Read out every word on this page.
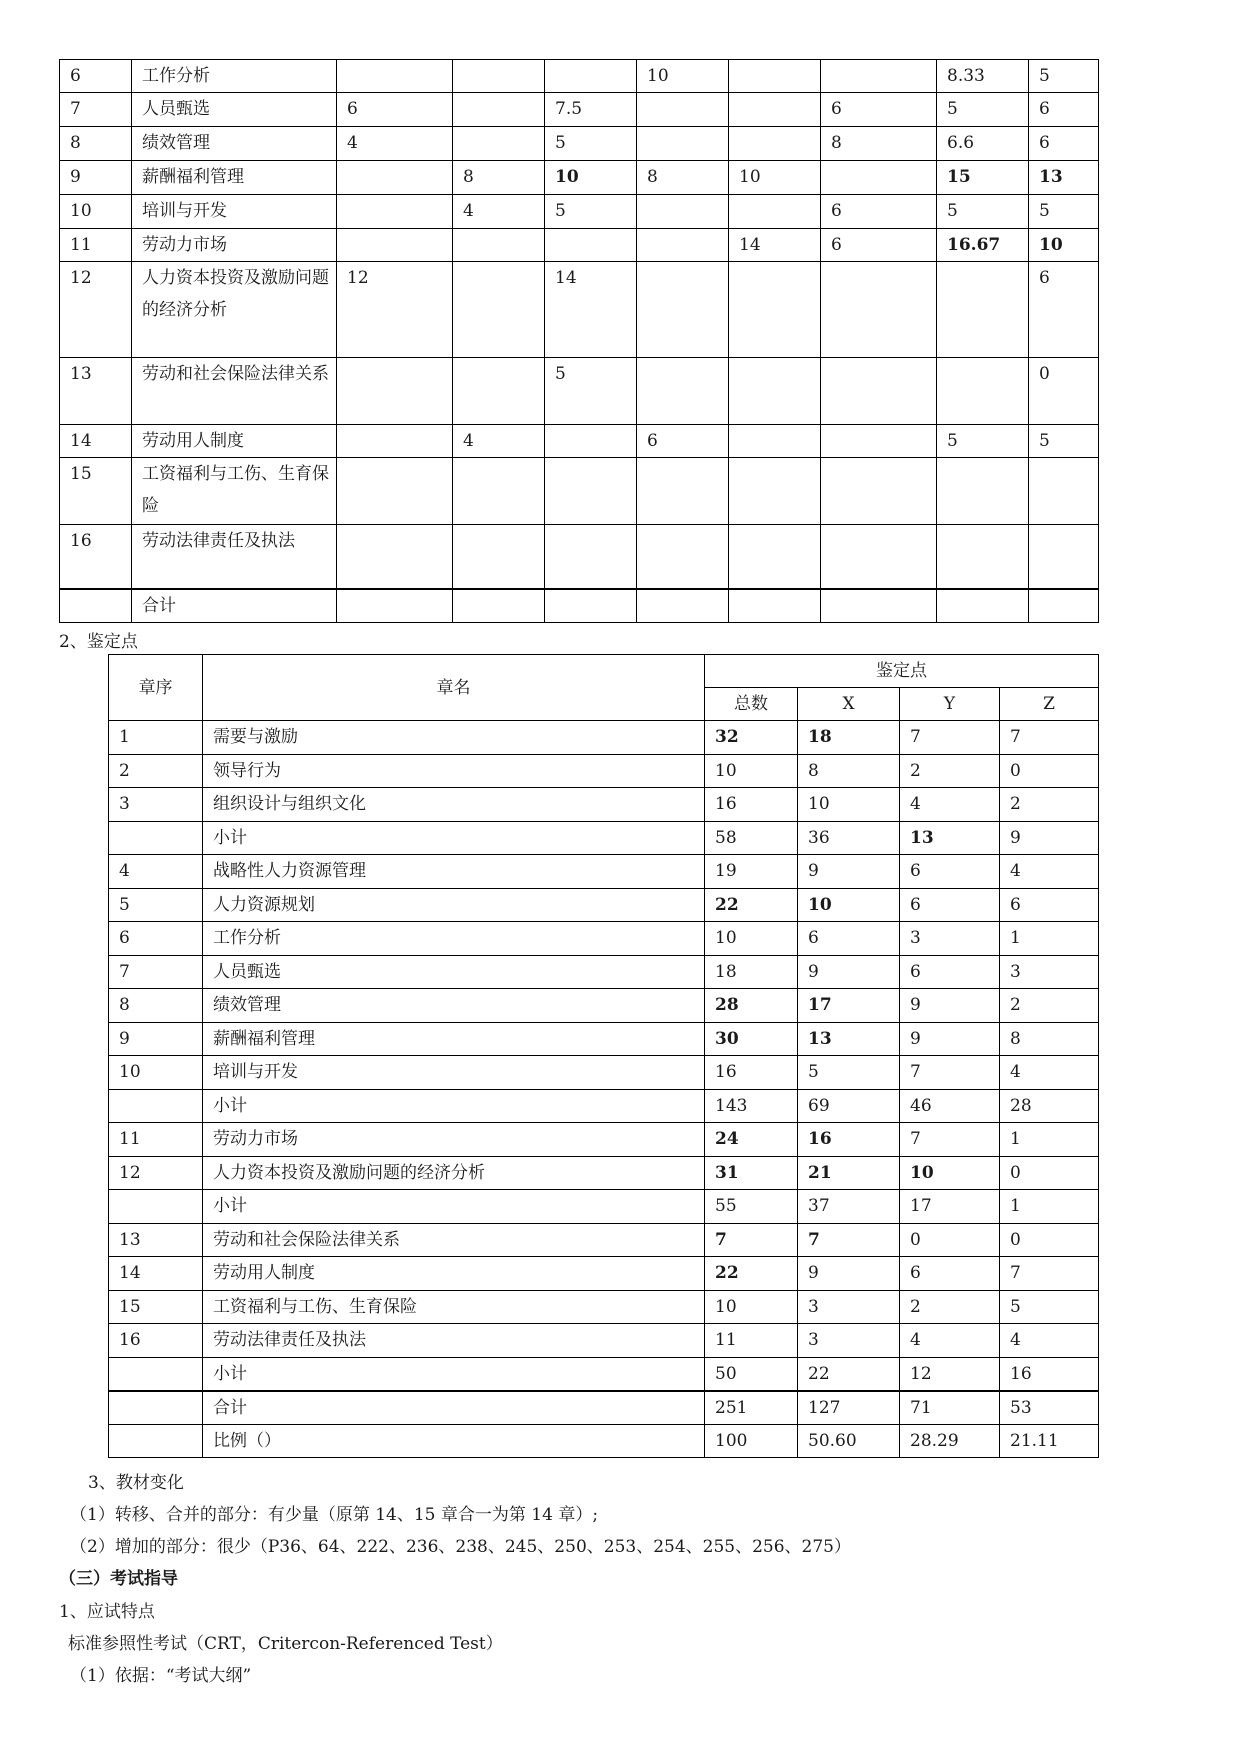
6	工作分析				10			8.33	5
7	人员甄选	6		7.5			6	5	6
8	绩效管理	4		5			8	6.6	6
9	薪酬福利管理		8	10	8	10		15	13
10	培训与开发		4	5			6	5	5
11	劳动力市场					14	6	16.67	10
12	人力资本投资及激励问题的经济分析	12		14					6
13	劳动和社会保险法律关系			5					0
14	劳动用人制度		4		6			5	5
15	工资福利与工伤、生育保险								
16	劳动法律责任及执法								
	合计								
2、鉴定点
章序	章名	鉴定点			
		总数	X	Y	Z
1	需要与激励	32	18	7	7
2	领导行为	10	8	2	0
3	组织设计与组织文化	16	10	4	2
	小计	58	36	13	9
4	战略性人力资源管理	19	9	6	4
5	人力资源规划	22	10	6	6
6	工作分析	10	6	3	1
7	人员甄选	18	9	6	3
8	绩效管理	28	17	9	2
9	薪酬福利管理	30	13	9	8
10	培训与开发	16	5	7	4
	小计	143	69	46	28
11	劳动力市场	24	16	7	1
12	人力资本投资及激励问题的经济分析	31	21	10	0
	小计	55	37	17	1
13	劳动和社会保险法律关系	7	7	0	0
14	劳动用人制度	22	9	6	7
15	工资福利与工伤、生育保险	10	3	2	5
16	劳动法律责任及执法	11	3	4	4
	小计	50	22	12	16
	合计	251	127	71	53
	比例（）	100	50.60	28.29	21.11
3、教材变化
（1）转移、合并的部分：有少量（原第 14、15 章合一为第 14 章）;
（2）增加的部分：很少（P36、64、222、236、238、245、250、253、254、255、256、275）
（三）考试指导
1、应试特点
标准参照性考试（CRT，Critercon-Referenced Test）
（1）依据：“考试大纲”
